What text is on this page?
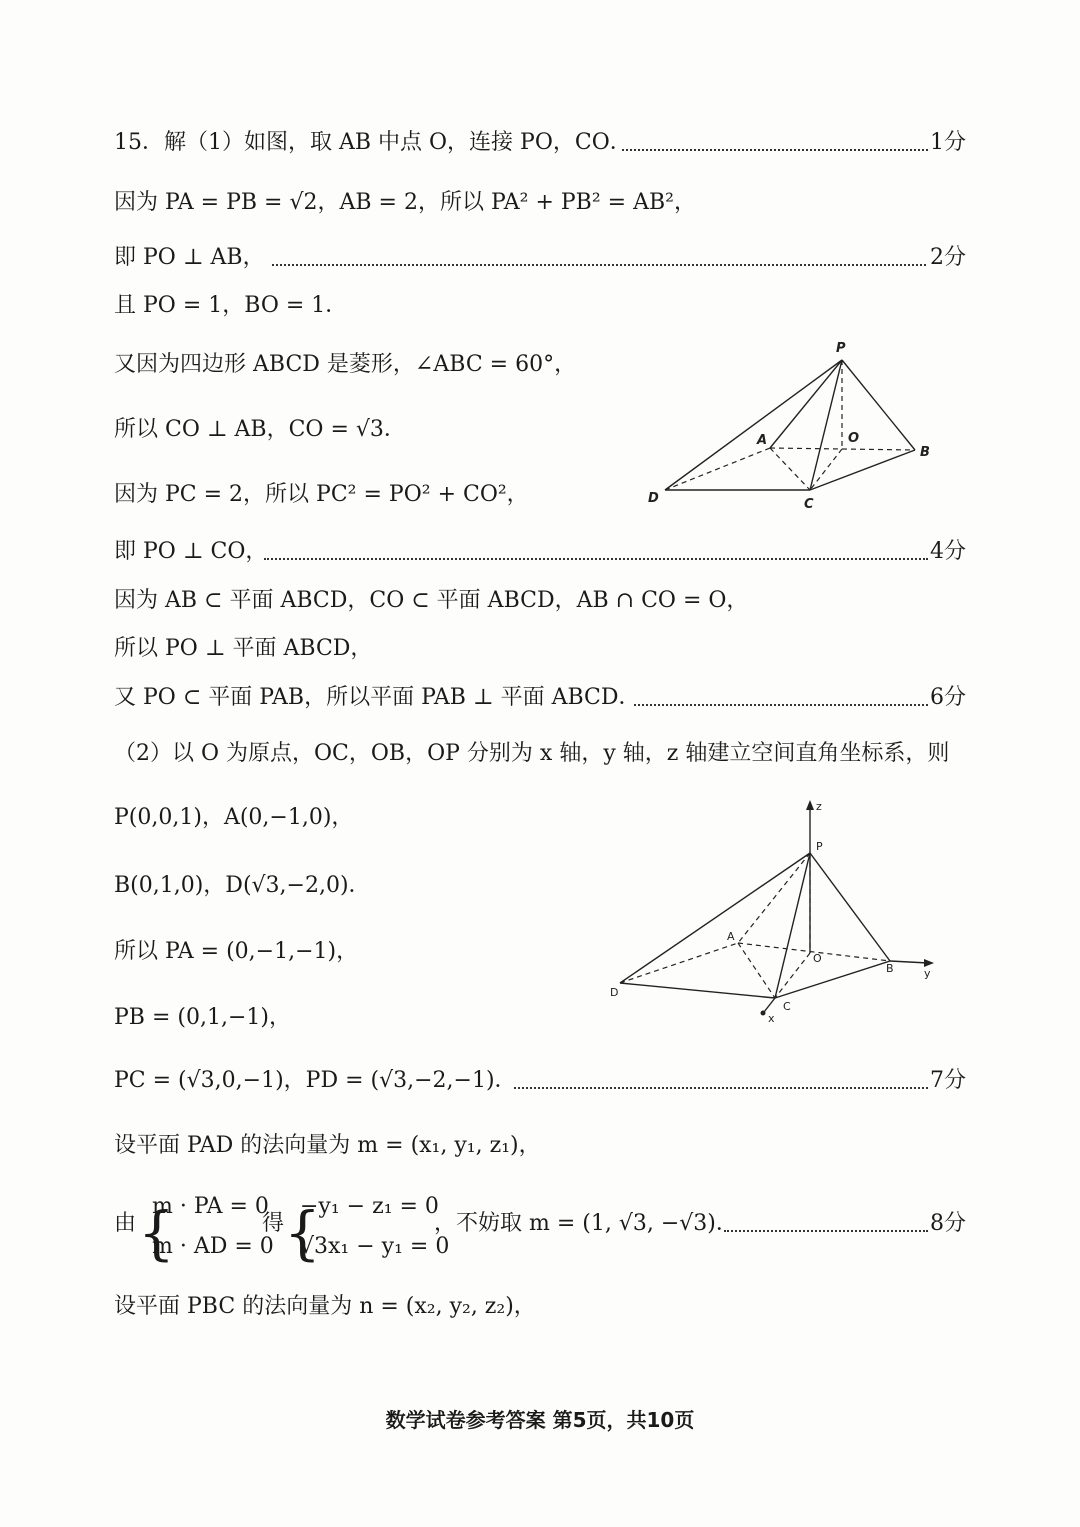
15．解（1）如图，取 AB 中点 O，连接 PO，CO．	1分
因为 PA = PB = √2，AB = 2，所以 PA² + PB² = AB²，
即 PO ⊥ AB，	2分
且 PO = 1，BO = 1．
又因为四边形 ABCD 是菱形，∠ABC = 60°，
所以 CO ⊥ AB，CO = √3．
因为 PC = 2，所以 PC² = PO² + CO²，
即 PO ⊥ CO，	4分
因为 AB ⊂ 平面 ABCD，CO ⊂ 平面 ABCD，AB ∩ CO = O，
所以 PO ⊥ 平面 ABCD，
又 PO ⊂ 平面 PAB，所以平面 PAB ⊥ 平面 ABCD．	6分
（2）以 O 为原点，OC，OB，OP 分别为 x 轴，y 轴，z 轴建立空间直角坐标系，则
P(0,0,1)，A(0,−1,0)，
B(0,1,0)，D(√3,−2,0)．
所以 PA = (0,−1,−1)，
PB = (0,1,−1)，
PC = (√3,0,−1)，PD = (√3,−2,−1)．	7分
设平面 PAD 的法向量为 m = (x₁, y₁, z₁)，
由 {
m · PA = 0
m · AD = 0
得 {
−y₁ − z₁ = 0
√3x₁ − y₁ = 0
，不妨取 m = (1, √3, −√3)．	8分
设平面 PBC 的法向量为 n = (x₂, y₂, z₂)，
P
A	O
B
D	C
z
P
A
O
B	y
D
C
x
数学试卷参考答案 第5页，共10页
